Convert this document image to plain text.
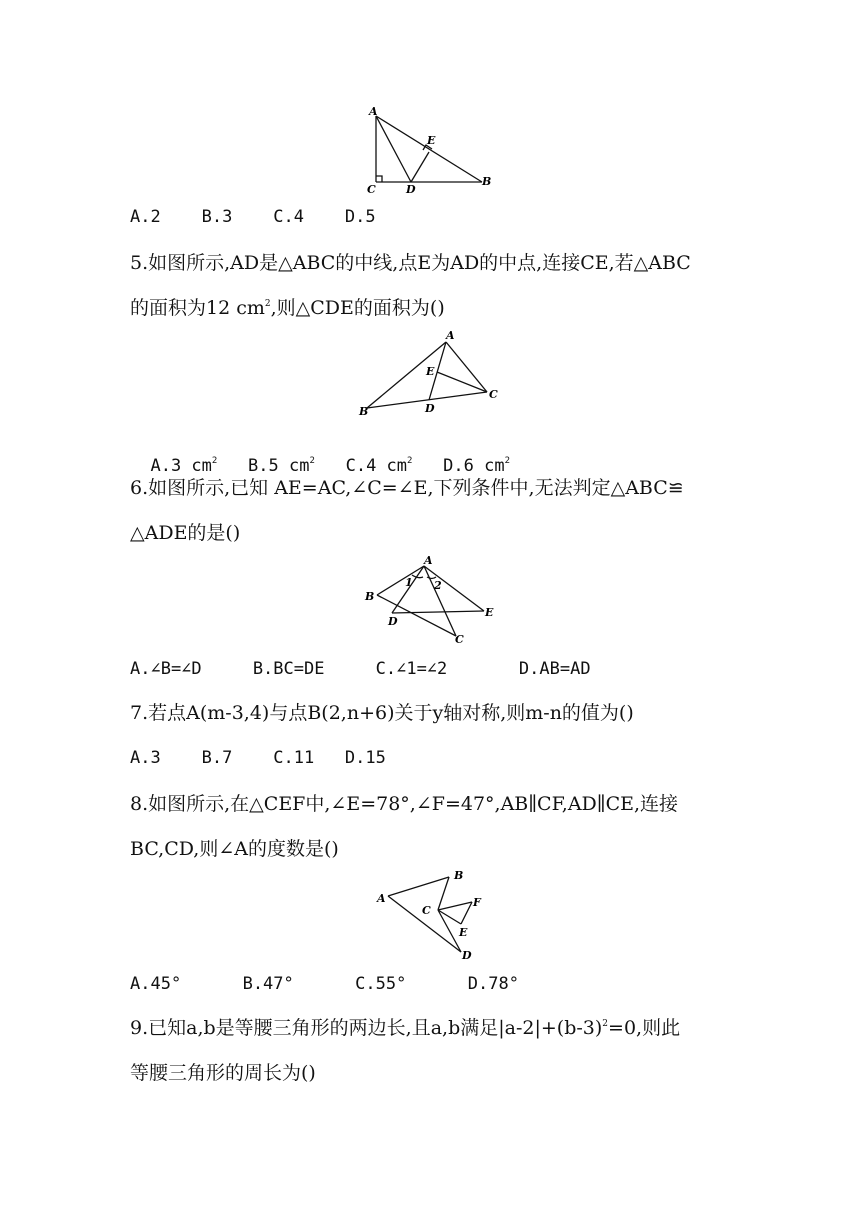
A
C	D
B
E
A.2    B.3    C.4    D.5
5.如图所示,AD是△ABC的中线,点E为AD的中点,连接CE,若△ABC
的面积为12 $cm^2$,则△CDE的面积为()
A
B
C
D
E

A.3 $cm^2$ B.5 $cm^2$ C.4 $cm^2$ D.6 $cm^2$

6.如图所示,已知 AE=AC,∠C=∠E,下列条件中,无法判定△ABC≌
△ADE的是()
A
B
C
D
E
1 2
A.∠B=∠D     B.BC=DE     C.∠1=∠2       D.AB=AD
7.若点A(m-3,4)与点B(2,n+6)关于y轴对称,则m-n的值为()
A.3    B.7    C.11   D.15
8.如图所示,在△CEF中,∠E=78°,∠F=47°,AB∥CF,AD∥CE,连接
BC,CD,则∠A的度数是()
A
B
C
D
E
F
A.45°      B.47°      C.55°      D.78°
9.已知a,b是等腰三角形的两边长,且a,b满足$|a-2|+(b-3)^2=0$,则此
等腰三角形的周长为()
